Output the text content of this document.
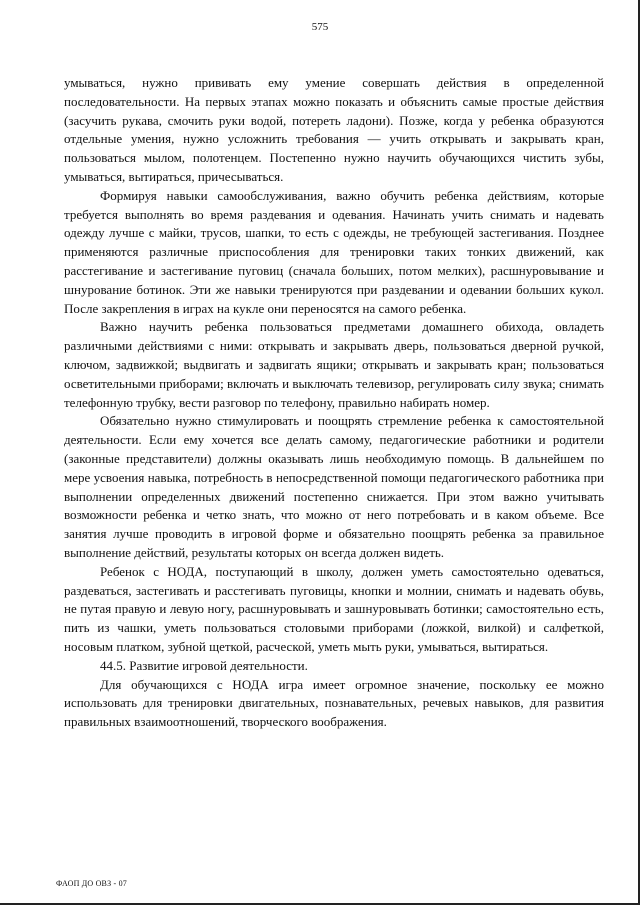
575

умываться, нужно прививать ему умение совершать действия в определенной последовательности. На первых этапах можно показать и объяснить самые простые действия (засучить рукава, смочить руки водой, потереть ладони). Позже, когда у ребенка образуются отдельные умения, нужно усложнить требования — учить открывать и закрывать кран, пользоваться мылом, полотенцем. Постепенно нужно научить обучающихся чистить зубы, умываться, вытираться, причесываться.

Формируя навыки самообслуживания, важно обучить ребенка действиям, которые требуется выполнять во время раздевания и одевания. Начинать учить снимать и надевать одежду лучше с майки, трусов, шапки, то есть с одежды, не требующей застегивания. Позднее применяются различные приспособления для тренировки таких тонких движений, как расстегивание и застегивание пуговиц (сначала больших, потом мелких), расшнуровывание и шнурование ботинок. Эти же навыки тренируются при раздевании и одевании больших кукол. После закрепления в играх на кукле они переносятся на самого ребенка.

Важно научить ребенка пользоваться предметами домашнего обихода, овладеть различными действиями с ними: открывать и закрывать дверь, пользоваться дверной ручкой, ключом, задвижкой; выдвигать и задвигать ящики; открывать и закрывать кран; пользоваться осветительными приборами; включать и выключать телевизор, регулировать силу звука; снимать телефонную трубку, вести разговор по телефону, правильно набирать номер.

Обязательно нужно стимулировать и поощрять стремление ребенка к самостоятельной деятельности. Если ему хочется все делать самому, педагогические работники и родители (законные представители) должны оказывать лишь необходимую помощь. В дальнейшем по мере усвоения навыка, потребность в непосредственной помощи педагогического работника при выполнении определенных движений постепенно снижается. При этом важно учитывать возможности ребенка и четко знать, что можно от него потребовать и в каком объеме. Все занятия лучше проводить в игровой форме и обязательно поощрять ребенка за правильное выполнение действий, результаты которых он всегда должен видеть.

Ребенок с НОДА, поступающий в школу, должен уметь самостоятельно одеваться, раздеваться, застегивать и расстегивать пуговицы, кнопки и молнии, снимать и надевать обувь, не путая правую и левую ногу, расшнуровывать и зашнуровывать ботинки; самостоятельно есть, пить из чашки, уметь пользоваться столовыми приборами (ложкой, вилкой) и салфеткой, носовым платком, зубной щеткой, расческой, уметь мыть руки, умываться, вытираться.

44.5. Развитие игровой деятельности.

Для обучающихся с НОДА игра имеет огромное значение, поскольку ее можно использовать для тренировки двигательных, познавательных, речевых навыков, для развития правильных взаимоотношений, творческого воображения.

ФАОП ДО ОВЗ - 07
